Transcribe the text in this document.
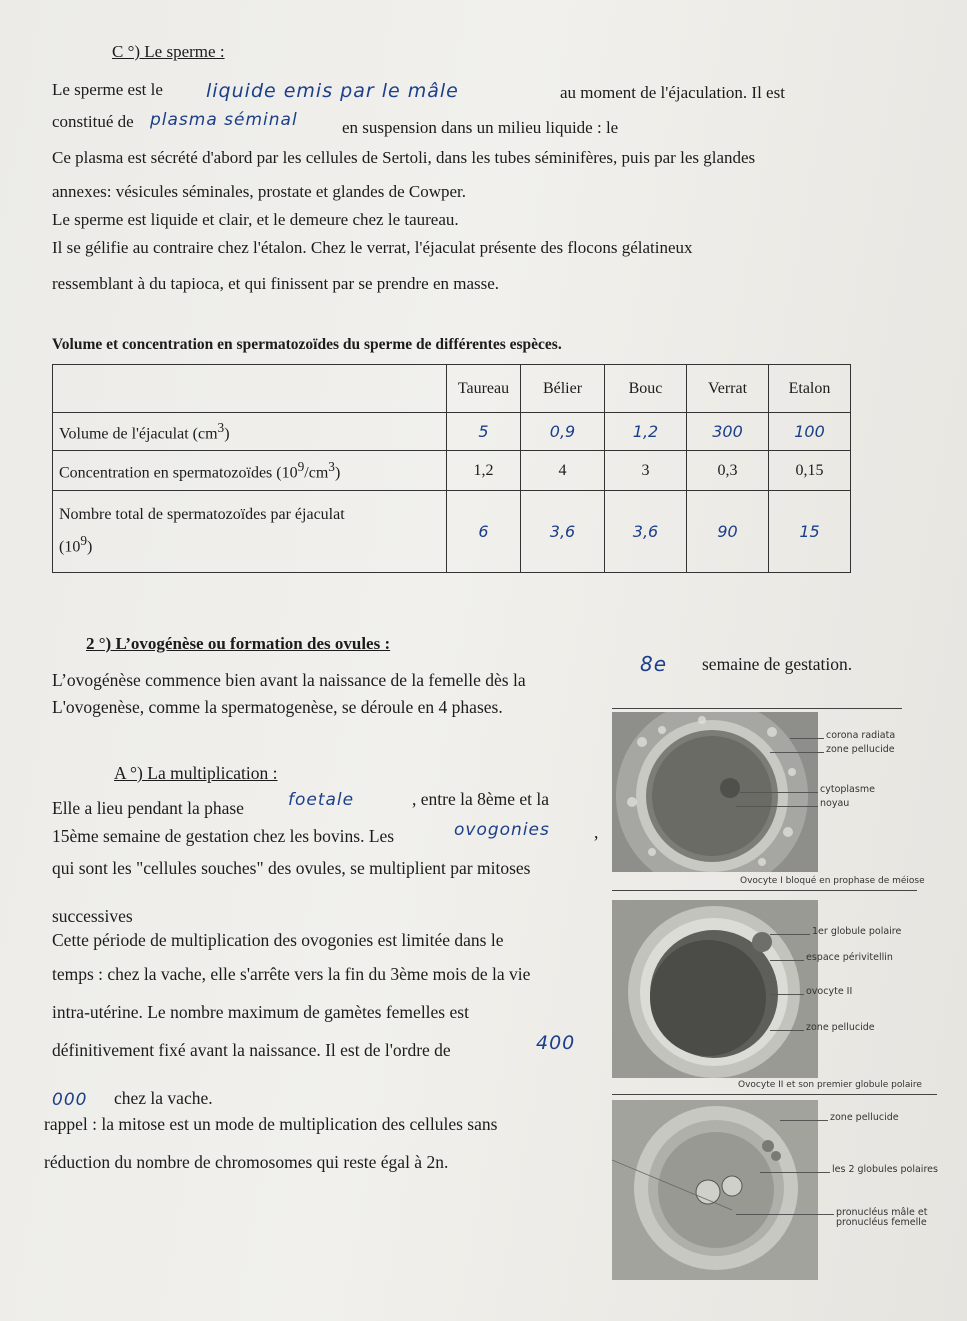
C °) Le sperme :
Le sperme est le liquide emis par le mâle	au moment de l'éjaculation. Il est
constitué de plasma séminal	en suspension dans un milieu liquide : le
Ce plasma est sécrété d'abord par les cellules de Sertoli, dans les tubes séminifères, puis par les glandes
annexes: vésicules séminales, prostate et glandes de Cowper.
Le sperme est liquide et clair, et le demeure chez le taureau.
Il se gélifie au contraire chez l'étalon. Chez le verrat, l'éjaculat présente des flocons gélatineux
ressemblant à du tapioca, et qui finissent par se prendre en masse.
Volume et concentration en spermatozoïdes du sperme de différentes espèces.
	Taureau	Bélier	Bouc	Verrat	Etalon
Volume de l'éjaculat $(cm^3)$	5	0,9	1,2	300	100
Concentration en spermatozoïdes $(10^9/cm^3)$	1,2	4	3	0,3	0,15
Nombre total de spermatozoïdes par éjaculat
$(10^9)$	6	3,6	3,6	90	15
2 °) L’ovogénèse ou formation des ovules :
L’ovogénèse commence bien avant la naissance de la femelle dès la
8e semaine de gestation.
L'ovogenèse, comme la spermatogenèse, se déroule en 4 phases.
A °) La multiplication :
Elle a lieu pendant la phase	foetale	, entre la 8ème et la
15ème semaine de gestation chez les bovins. Les	ovogonies	,
qui sont les "cellules souches" des ovules, se multiplient par mitoses
successives
Cette période de multiplication des ovogonies est limitée dans le
temps : chez la vache, elle s'arrête vers la fin du 3ème mois de la vie
intra-utérine. Le nombre maximum de gamètes femelles est
définitivement fixé avant la naissance. Il est de l'ordre de	400
000 chez la vache.
rappel : la mitose est un mode de multiplication des cellules sans
réduction du nombre de chromosomes qui reste égal à 2n.
corona radiata
zone pellucide
cytoplasme
noyau
Ovocyte I bloqué en prophase de méiose
1er globule polaire
espace périvitellin
ovocyte II
zone pellucide
Ovocyte II et son premier globule polaire
zone pellucide
les 2 globules polaires
pronucléus mâle et pronucléus femelle
